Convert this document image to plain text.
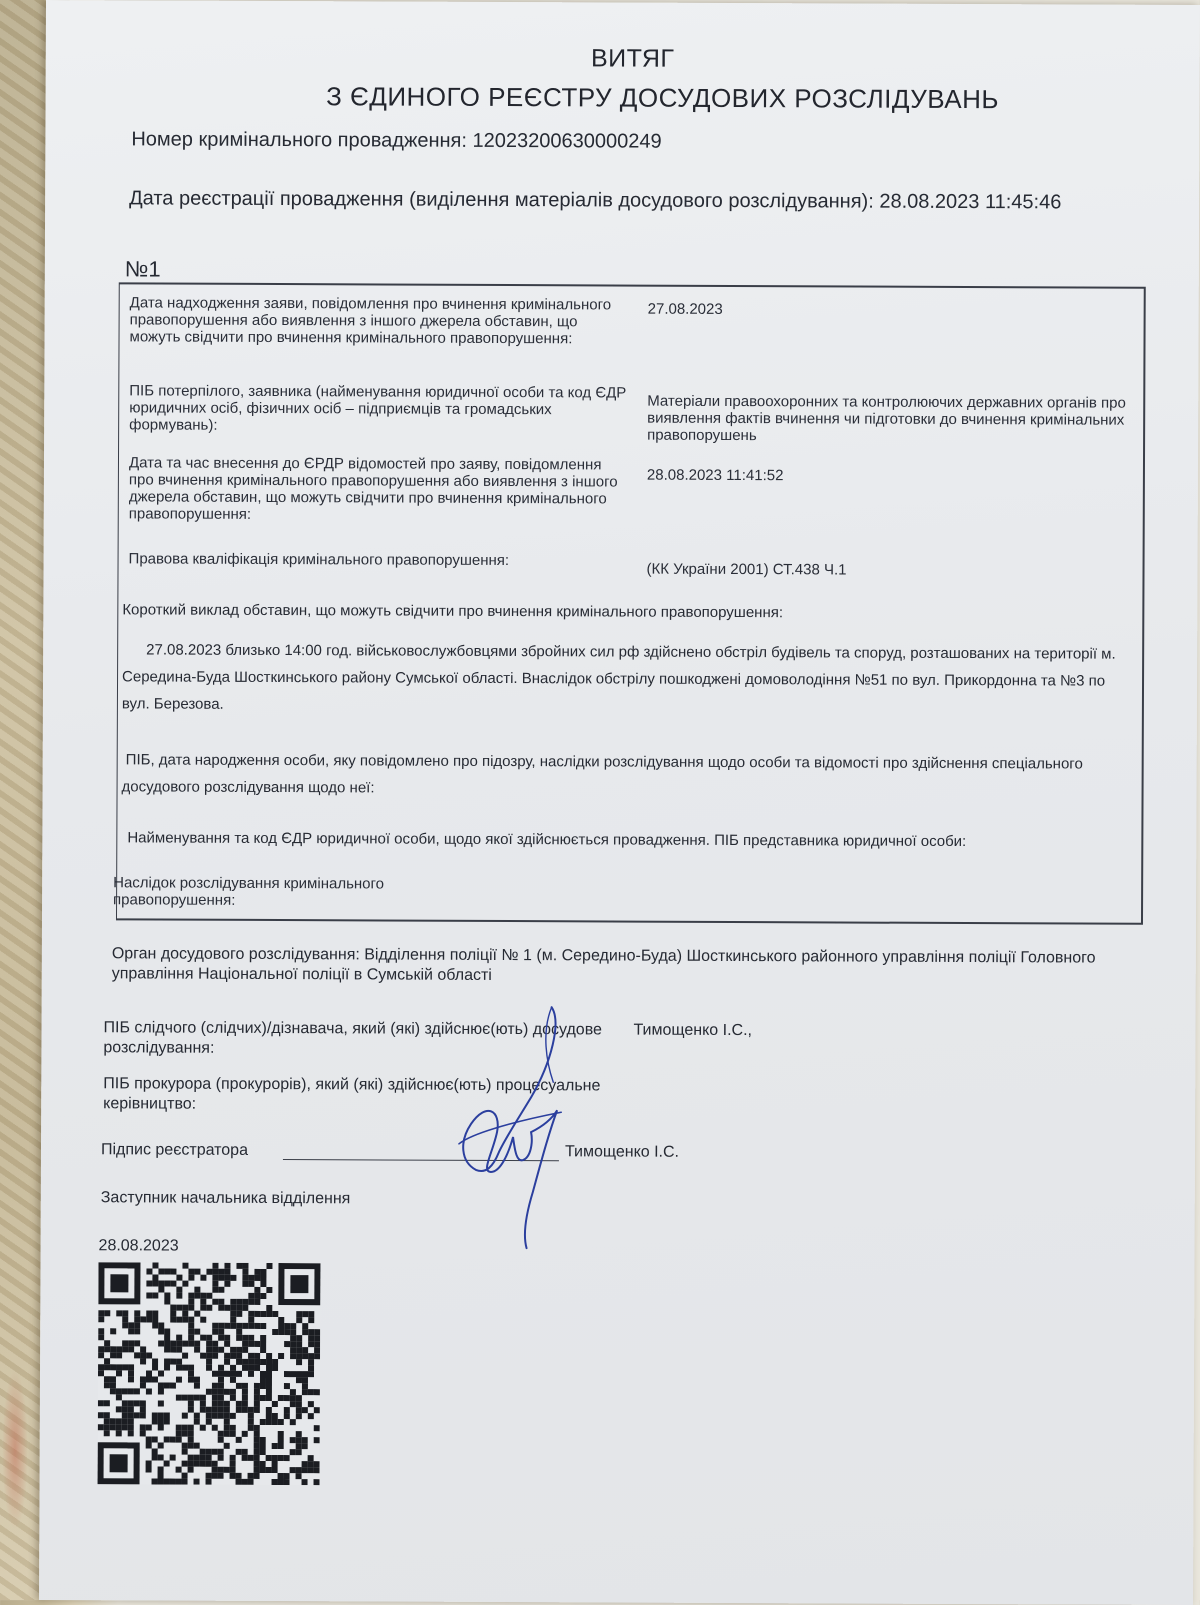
ВИТЯГ
З ЄДИНОГО РЕЄСТРУ ДОСУДОВИХ РОЗСЛІДУВАНЬ
Номер кримінального провадження: 12023200630000249
Дата реєстрації провадження (виділення матеріалів досудового розслідування): 28.08.2023 11:45:46
№1
Дата надходження заяви, повідомлення про вчинення кримінального правопорушення або виявлення з іншого джерела обставин, що можуть свідчити про вчинення кримінального правопорушення:
27.08.2023
ПІБ потерпілого, заявника (найменування юридичної особи та код ЄДР юридичних осіб, фізичних осіб – підприємців та громадських формувань):
Матеріали правоохоронних та контролюючих державних органів про виявлення фактів вчинення чи підготовки до вчинення кримінальних правопорушень
Дата та час внесення до ЄРДР відомостей про заяву, повідомлення про вчинення кримінального правопорушення або виявлення з іншого джерела обставин, що можуть свідчити про вчинення кримінального правопорушення:
28.08.2023 11:41:52
Правова кваліфікація кримінального правопорушення:
(КК України 2001) СТ.438 Ч.1
Короткий виклад обставин, що можуть свідчити про вчинення кримінального правопорушення:
27.08.2023 близько 14:00 год. військовослужбовцями збройних сил рф здійснено обстріл будівель та споруд, розташованих на території м. Середина-Буда Шосткинського району Сумської області. Внаслідок обстрілу пошкоджені домоволодіння №51 по вул. Прикордонна та №3 по вул. Березова.
ПІБ, дата народження особи, яку повідомлено про підозру, наслідки розслідування щодо особи та відомості про здійснення спеціального досудового розслідування щодо неї:
Найменування та код ЄДР юридичної особи, щодо якої здійснюється провадження. ПІБ представника юридичної особи:
Наслідок розслідування кримінального правопорушення:
Орган досудового розслідування: Відділення поліції № 1 (м. Середино-Буда) Шосткинського районного управління поліції Головного управління Національної поліції в Сумській області
ПІБ слідчого (слідчих)/дізнавача, який (які) здійснює(ють) досудове розслідування:
Тимощенко І.С.,
ПІБ прокурора (прокурорів), який (які) здійснює(ють) процесуальне керівництво:
Підпис реєстратора	Тимощенко І.С.
Заступник начальника відділення
28.08.2023
